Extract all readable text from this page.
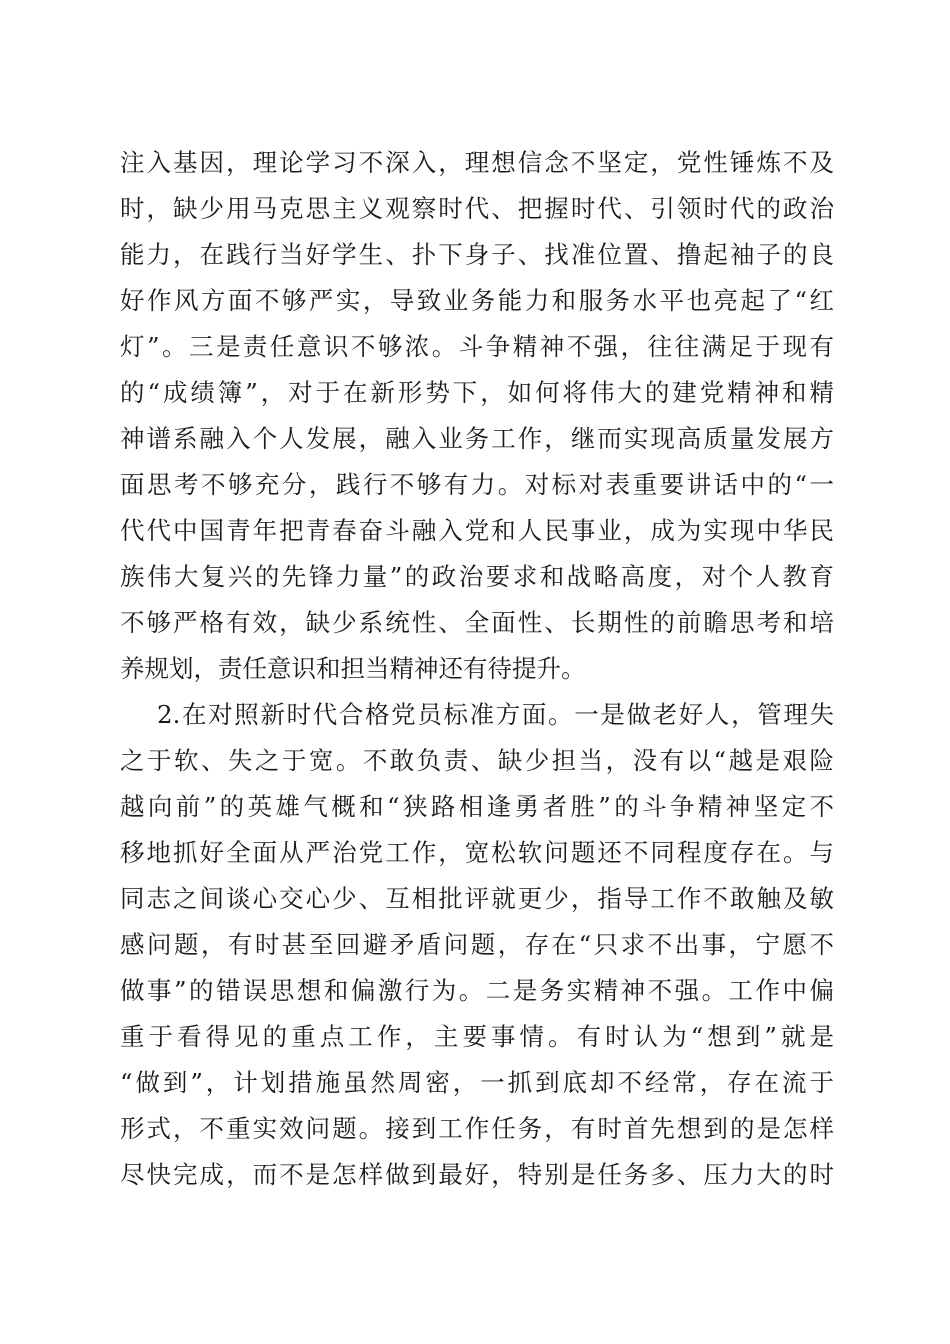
注入基因，理论学习不深入，理想信念不坚定，党性锤炼不及
时，缺少用马克思主义观察时代、把握时代、引领时代的政治
能力，在践行当好学生、扑下身子、找准位置、撸起袖子的良
好作风方面不够严实，导致业务能力和服务水平也亮起了“红
灯”。三是责任意识不够浓。斗争精神不强，往往满足于现有
的“成绩簿”，对于在新形势下，如何将伟大的建党精神和精
神谱系融入个人发展，融入业务工作，继而实现高质量发展方
面思考不够充分，践行不够有力。对标对表重要讲话中的“一
代代中国青年把青春奋斗融入党和人民事业，成为实现中华民
族伟大复兴的先锋力量”的政治要求和战略高度，对个人教育
不够严格有效，缺少系统性、全面性、长期性的前瞻思考和培
养规划，责任意识和担当精神还有待提升。
2.在对照新时代合格党员标准方面。一是做老好人，管理失
之于软、失之于宽。不敢负责、缺少担当，没有以“越是艰险
越向前”的英雄气概和“狭路相逢勇者胜”的斗争精神坚定不
移地抓好全面从严治党工作，宽松软问题还不同程度存在。与
同志之间谈心交心少、互相批评就更少，指导工作不敢触及敏
感问题，有时甚至回避矛盾问题，存在“只求不出事，宁愿不
做事”的错误思想和偏激行为。二是务实精神不强。工作中偏
重于看得见的重点工作，主要事情。有时认为“想到”就是
“做到”，计划措施虽然周密，一抓到底却不经常，存在流于
形式，不重实效问题。接到工作任务，有时首先想到的是怎样
尽快完成，而不是怎样做到最好，特别是任务多、压力大的时
